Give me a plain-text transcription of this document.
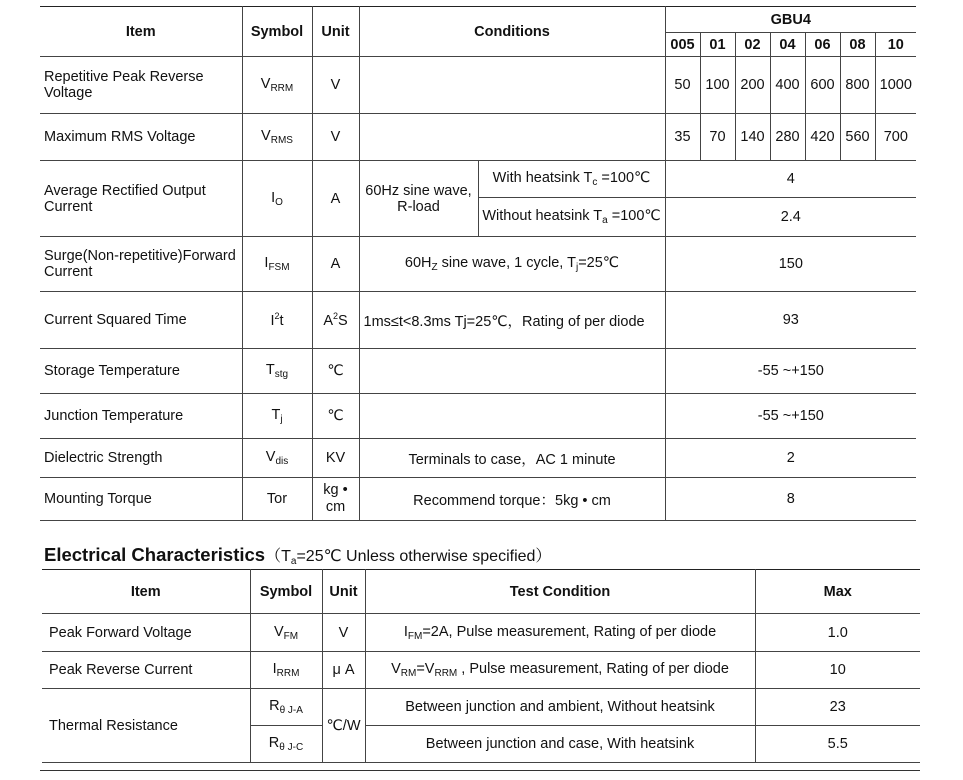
Item	Symbol	Unit	Conditions		GBU4						
					005	01	02	04	06	08	10
Repetitive Peak Reverse Voltage	$V_{RRM}$	V			50	100	200	400	600	800	1000
Maximum RMS Voltage	$V_{RMS}$	V			35	70	140	280	420	560	700
Average Rectified Output Current	$I_O$	A	60Hz sine wave, R-load	With heatsink $T_c$ =100℃	4						
				Without heatsink $T_a$ =100℃	2.4						
Surge(Non-repetitive)Forward Current	$I_{FSM}$	A	$60H_Z$ sine wave, 1 cycle, $T_j=25℃$		150						
Current Squared Time	$I^2t$	$A^2S$	1ms≤t<8.3ms Tj=25℃，Rating of per diode		93						
Storage Temperature	$T_{stg}$	℃			-55 ~+150						
Junction Temperature	$T_j$	℃			-55 ~+150						
Dielectric Strength	$V_{dis}$	KV	Terminals to case，AC 1 minute		2						
Mounting Torque	Tor	kg • cm	Recommend torque：5kg • cm		8						
Electrical $Characteristics(T_a=25℃$ Unless otherwise specified）
Item	Symbol	Unit	Test Condition	Max
Peak Forward Voltage	$V_{FM}$	V	$I_{FM}=2A$, Pulse measurement, Rating of per diode	1.0
Peak Reverse Current	$I_{RRM}$	μ A	$V_{RM}=V_{RRM}$ , Pulse measurement, Rating of per diode	10
Thermal Resistance	$R_{\theta J-A}$	℃/W	Between junction and ambient, Without heatsink	23
	$R_{\theta J-C}$		Between junction and case, With heatsink	5.5
